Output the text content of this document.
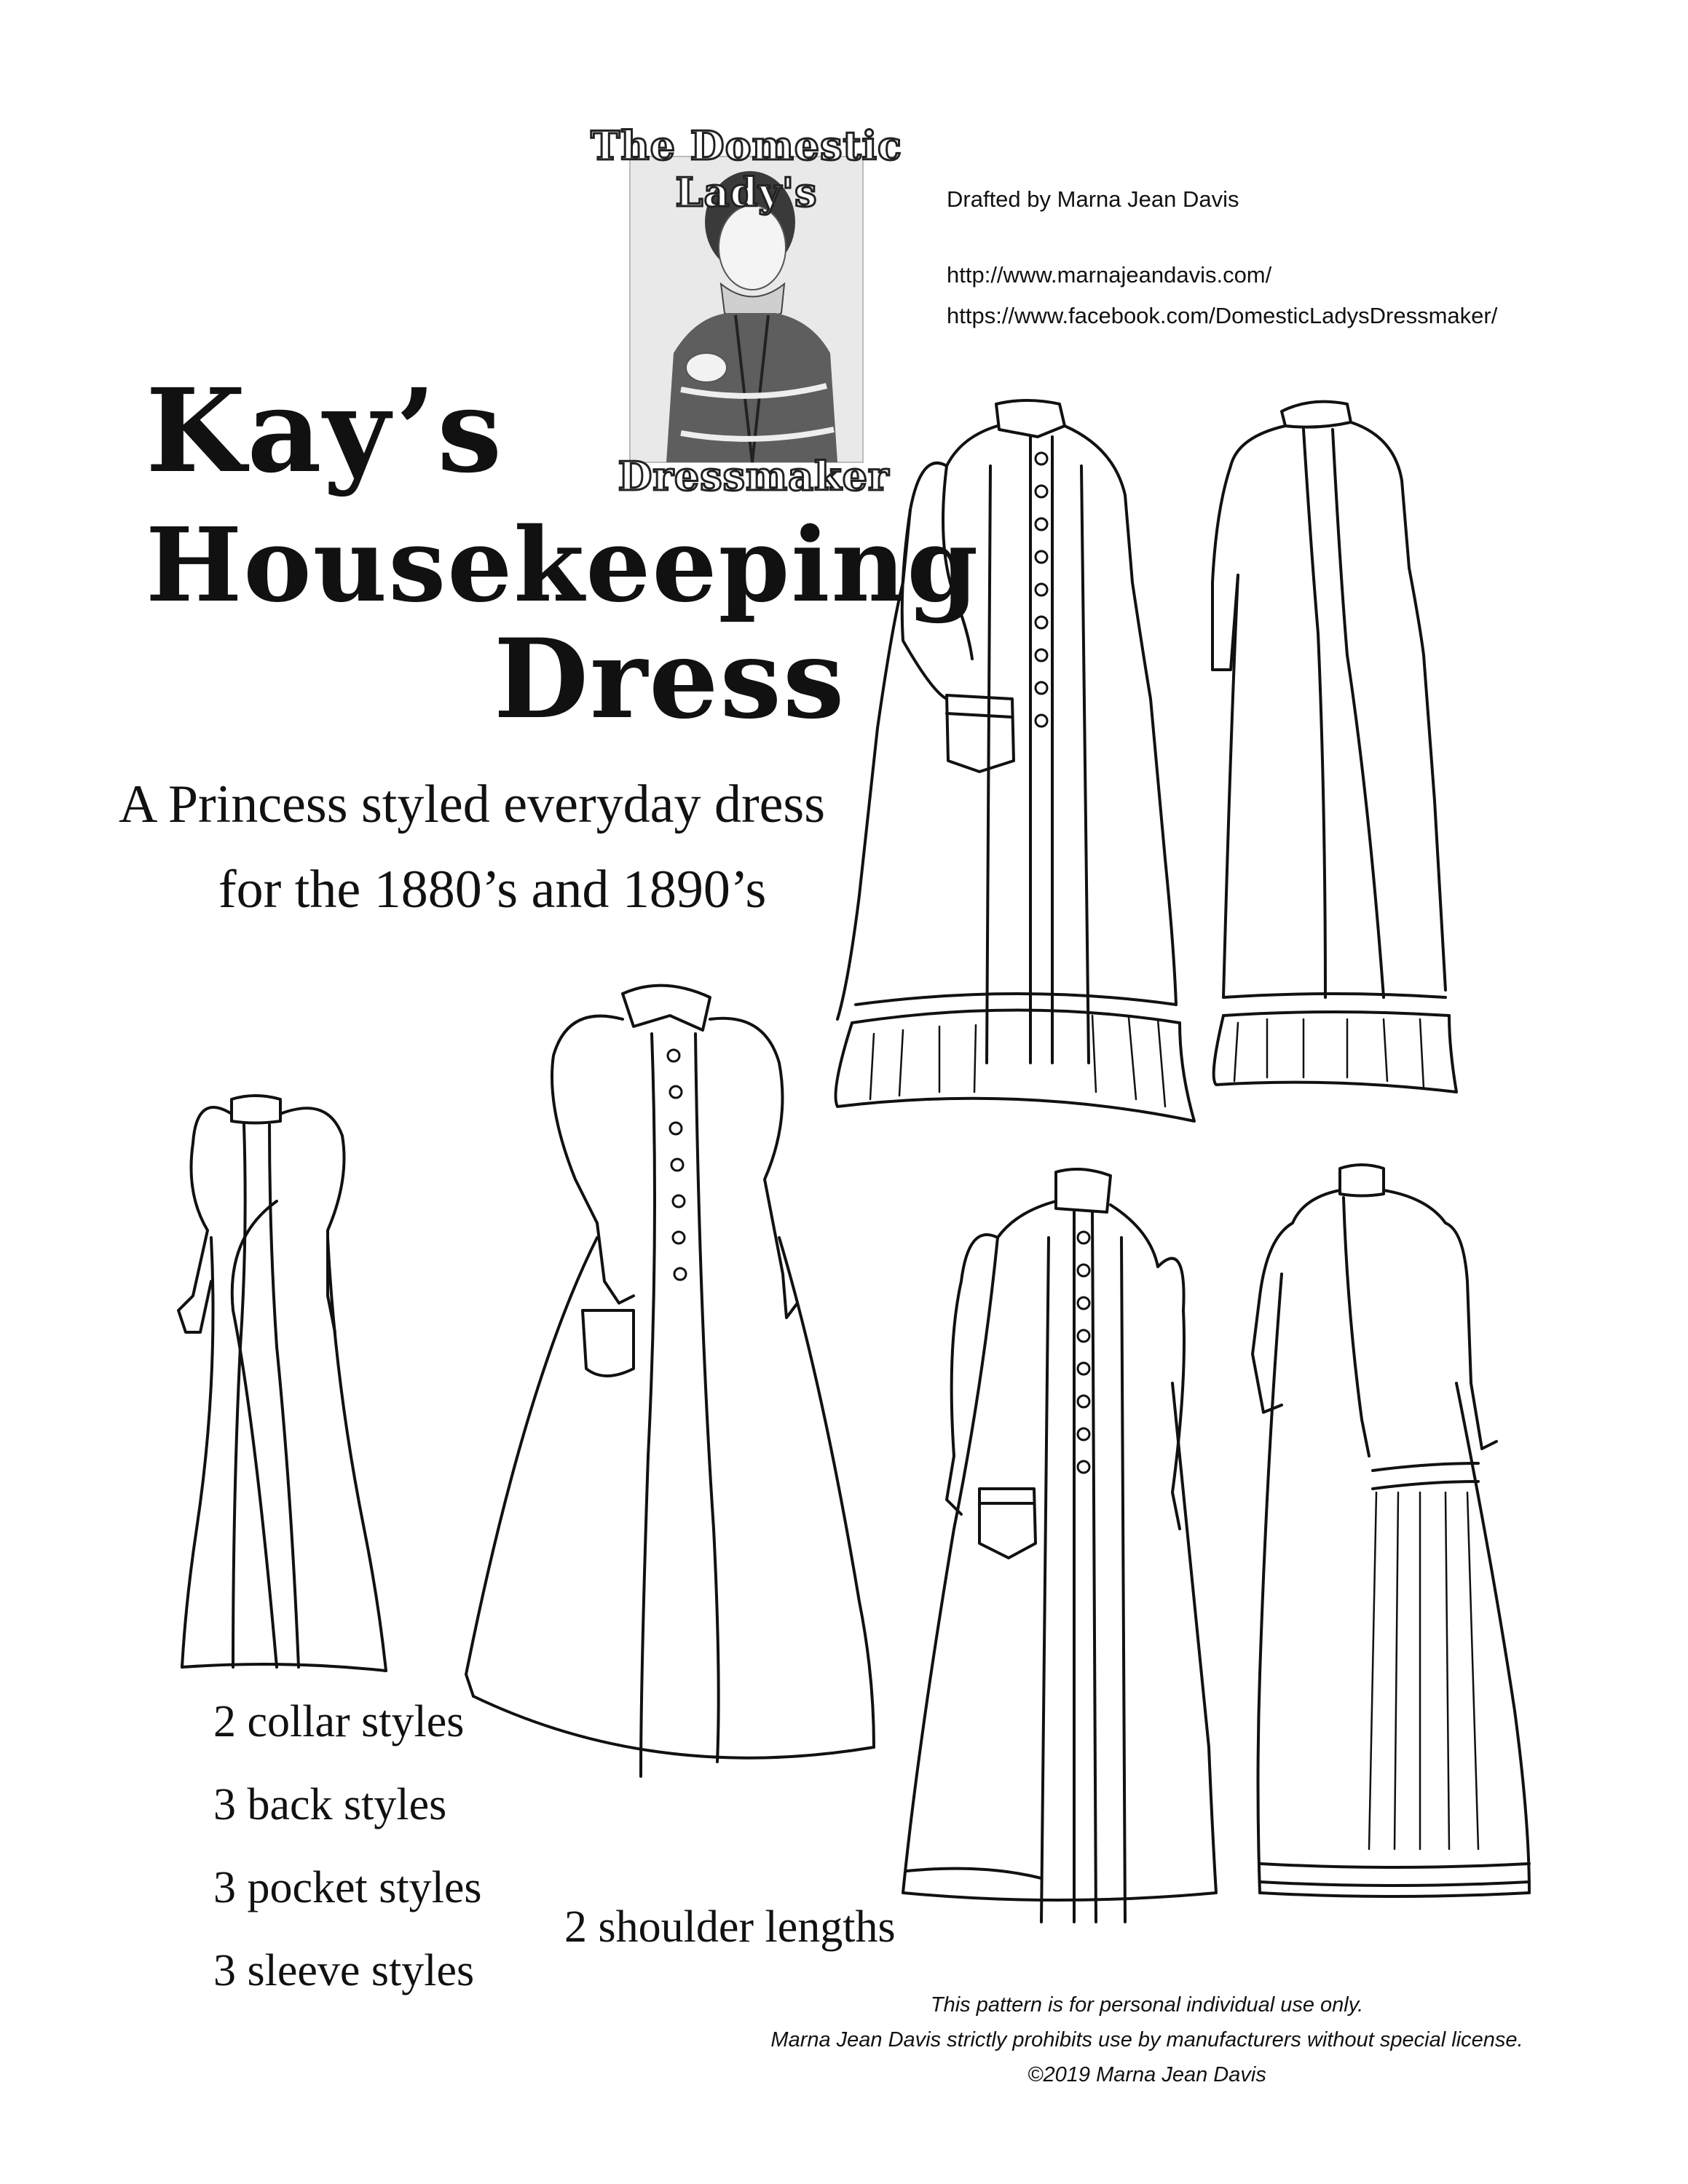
The Domestic Lady's
Dressmaker
Drafted by Marna Jean Davis
http://www.marnajeandavis.com/
https://www.facebook.com/DomesticLadysDressmaker/
Kay’s
Housekeeping
Dress
A Princess styled everyday dress
for the 1880’s and 1890’s
2 collar styles
3 back styles
3 pocket styles
3 sleeve styles
2 shoulder lengths
This pattern is for personal individual use only.
Marna Jean Davis strictly prohibits use by manufacturers without special license.
©2019 Marna Jean Davis
